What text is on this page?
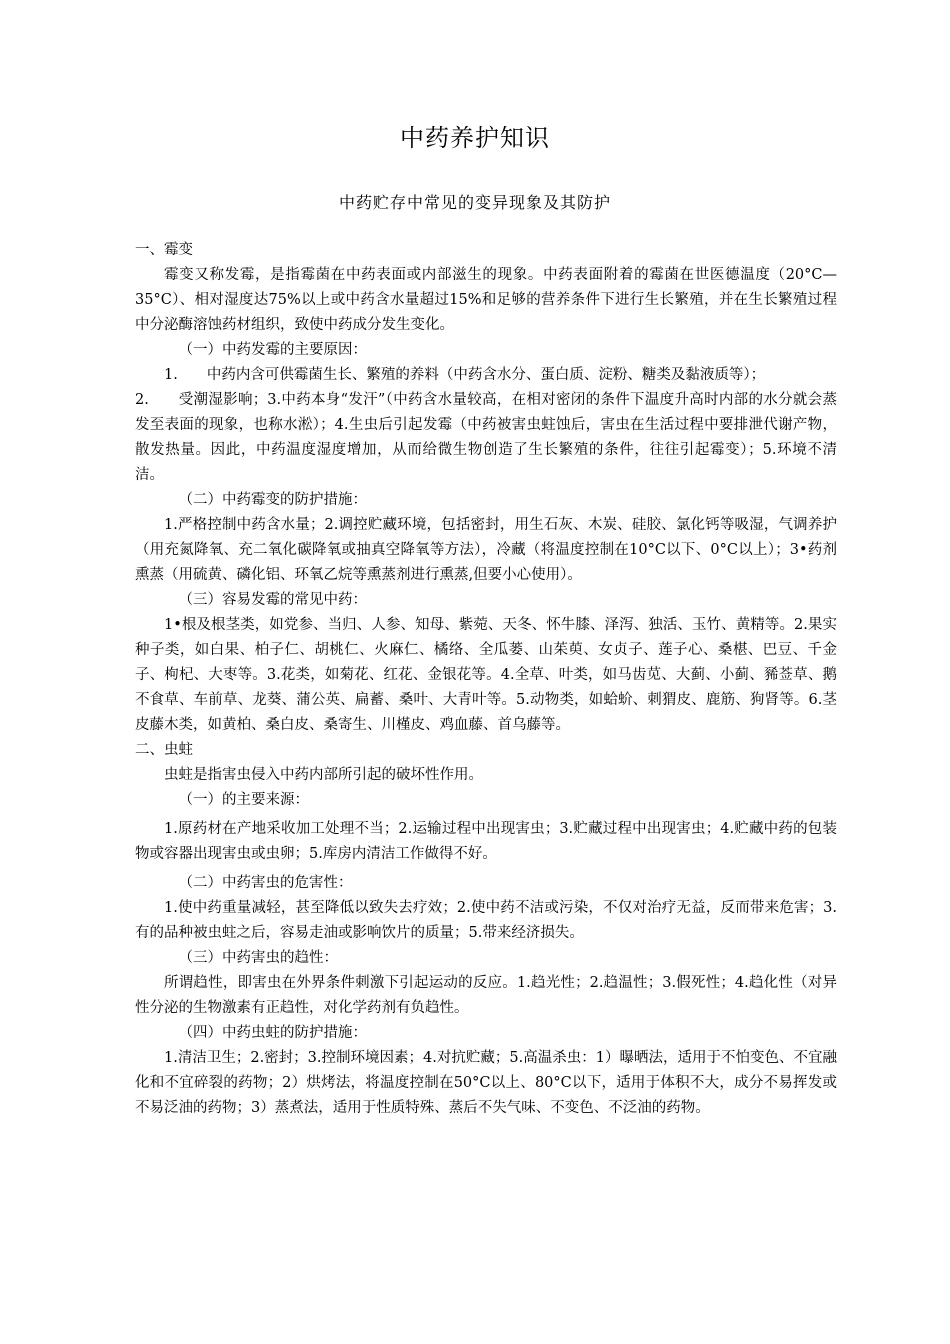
中药养护知识
中药贮存中常见的变异现象及其防护

一、霉变

霉变又称发霉，是指霉菌在中药表面或内部滋生的现象。中药表面附着的霉菌在世医德温度（20°C—35°C）、相对湿度达75%以上或中药含水量超过15%和足够的营养条件下进行生长繁殖，并在生长繁殖过程中分泌酶溶蚀药材组织，致使中药成分发生变化。

（一）中药发霉的主要原因：

1.　　中药内含可供霉菌生长、繁殖的养料（中药含水分、蛋白质、淀粉、糖类及黏液质等）；

2.　　受潮湿影响；3.中药本身“发汗”（中药含水量较高，在相对密闭的条件下温度升高时内部的水分就会蒸发至表面的现象，也称水淞）；4.生虫后引起发霉（中药被害虫蛀蚀后，害虫在生活过程中要排泄代谢产物，散发热量。因此，中药温度湿度增加，从而给微生物创造了生长繁殖的条件，往往引起霉变）；5.环境不清洁。

（二）中药霉变的防护措施：

1.严格控制中药含水量；2.调控贮藏环境，包括密封，用生石灰、木炭、硅胶、氯化钙等吸湿，气调养护（用充氮降氧、充二氧化碳降氧或抽真空降氧等方法），冷藏（将温度控制在10°C以下、0°C以上）；3•药剂熏蒸（用硫黄、磷化铝、环氧乙烷等熏蒸剂进行熏蒸,但要小心使用）。

（三）容易发霉的常见中药：

1•根及根茎类，如党参、当归、人参、知母、紫菀、天冬、怀牛膝、泽泻、独活、玉竹、黄精等。2.果实种子类，如白果、柏子仁、胡桃仁、火麻仁、橘络、全瓜蒌、山茱萸、女贞子、莲子心、桑椹、巴豆、千金子、枸杞、大枣等。3.花类，如菊花、红花、金银花等。4.全草、叶类，如马齿苋、大蓟、小蓟、豨莶草、鹅不食草、车前草、龙葵、蒲公英、扁蓄、桑叶、大青叶等。5.动物类，如蛤蚧、刺猬皮、鹿筋、狗肾等。6.茎皮藤木类，如黄柏、桑白皮、桑寄生、川槿皮、鸡血藤、首乌藤等。

二、虫蛀

虫蛀是指害虫侵入中药内部所引起的破坏性作用。

（一）的主要来源：

1.原药材在产地采收加工处理不当；2.运输过程中出现害虫；3.贮藏过程中出现害虫；4.贮藏中药的包装物或容器出现害虫或虫卵；5.库房内清洁工作做得不好。

（二）中药害虫的危害性：

1.使中药重量减轻，甚至降低以致失去疗效；2.使中药不洁或污染，不仅对治疗无益，反而带来危害；3.有的品种被虫蛀之后，容易走油或影响饮片的质量；5.带来经济损失。

（三）中药害虫的趋性：

所谓趋性，即害虫在外界条件刺激下引起运动的反应。1.趋光性；2.趋温性；3.假死性；4.趋化性（对异性分泌的生物激素有正趋性，对化学药剂有负趋性。

（四）中药虫蛀的防护措施：

1.清洁卫生；2.密封；3.控制环境因素；4.对抗贮藏；5.高温杀虫：1）曝晒法，适用于不怕变色、不宜融化和不宜碎裂的药物；2）烘烤法，将温度控制在50°C以上、80°C以下，适用于体积不大，成分不易挥发或不易泛油的药物；3）蒸煮法，适用于性质特殊、蒸后不失气味、不变色、不泛油的药物。
